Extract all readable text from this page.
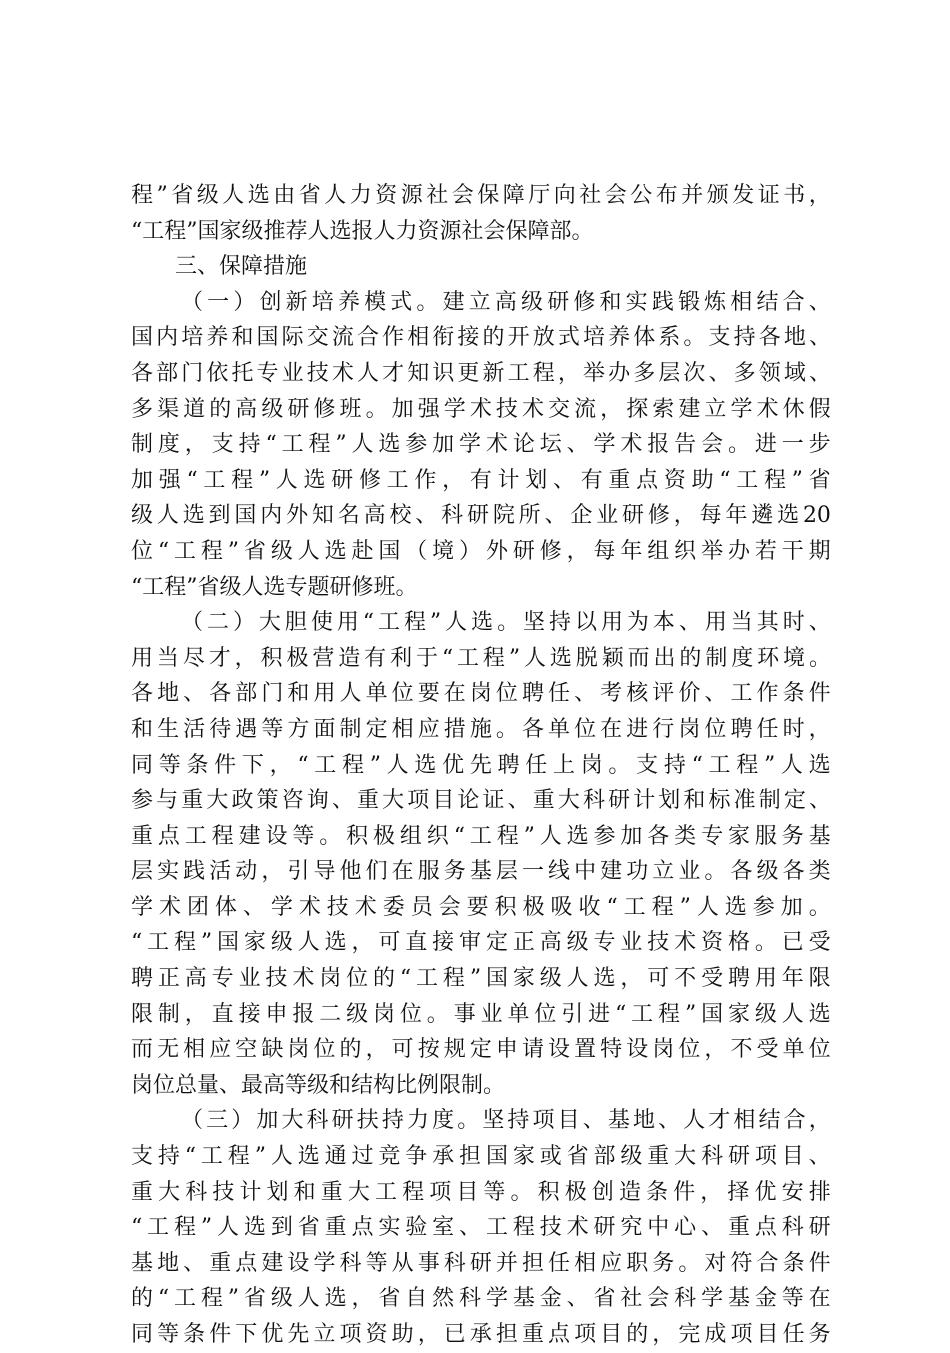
程 ” 省 级 人 选 由 省 人 力 资 源 社 会 保 障 厅 向 社 会 公 布 并 颁 发 证 书 ，
“工程”国家级推荐人选报人力资源社会保障部。
三、保障措施
（ 一 ） 创 新 培 养 模 式 。 建 立 高 级 研 修 和 实 践 锻 炼 相 结 合 、
国 内 培 养 和 国 际 交 流 合 作 相 衔 接 的 开 放 式 培 养 体 系 。 支 持 各 地 、
各 部 门 依 托 专 业 技 术 人 才 知 识 更 新 工 程 ， 举 办 多 层 次 、 多 领 域 、
多 渠 道 的 高 级 研 修 班 。 加 强 学 术 技 术 交 流 ， 探 索 建 立 学 术 休 假
制 度 ， 支 持 “ 工 程 ” 人 选 参 加 学 术 论 坛 、 学 术 报 告 会 。 进 一 步
加 强 “ 工 程 ” 人 选 研 修 工 作 ， 有 计 划 、 有 重 点 资 助 “ 工 程 ” 省
级 人 选 到 国 内 外 知 名 高 校 、 科 研 院 所 、 企 业 研 修 ， 每 年 遴 选 20
位 “ 工 程 ” 省 级 人 选 赴 国 （ 境 ） 外 研 修 ， 每 年 组 织 举 办 若 干 期
“工程”省级人选专题研修班。
（ 二 ） 大 胆 使 用 “ 工 程 ” 人 选 。 坚 持 以 用 为 本 、 用 当 其 时 、
用 当 尽 才 ， 积 极 营 造 有 利 于 “ 工 程 ” 人 选 脱 颖 而 出 的 制 度 环 境 。
各 地 、 各 部 门 和 用 人 单 位 要 在 岗 位 聘 任 、 考 核 评 价 、 工 作 条 件
和 生 活 待 遇 等 方 面 制 定 相 应 措 施 。 各 单 位 在 进 行 岗 位 聘 任 时 ，
同 等 条 件 下 ， “ 工 程 ” 人 选 优 先 聘 任 上 岗 。 支 持 “ 工 程 ” 人 选
参 与 重 大 政 策 咨 询 、 重 大 项 目 论 证 、 重 大 科 研 计 划 和 标 准 制 定 、
重 点 工 程 建 设 等 。 积 极 组 织 “ 工 程 ” 人 选 参 加 各 类 专 家 服 务 基
层 实 践 活 动 ， 引 导 他 们 在 服 务 基 层 一 线 中 建 功 立 业 。 各 级 各 类
学 术 团 体 、 学 术 技 术 委 员 会 要 积 极 吸 收 “ 工 程 ” 人 选 参 加 。
“ 工 程 ” 国 家 级 人 选 ， 可 直 接 审 定 正 高 级 专 业 技 术 资 格 。 已 受
聘 正 高 专 业 技 术 岗 位 的 “ 工 程 ” 国 家 级 人 选 ， 可 不 受 聘 用 年 限
限 制 ， 直 接 申 报 二 级 岗 位 。 事 业 单 位 引 进 “ 工 程 ” 国 家 级 人 选
而 无 相 应 空 缺 岗 位 的 ， 可 按 规 定 申 请 设 置 特 设 岗 位 ， 不 受 单 位
岗位总量、最高等级和结构比例限制。
（ 三 ） 加 大 科 研 扶 持 力 度 。 坚 持 项 目 、 基 地 、 人 才 相 结 合 ，
支 持 “ 工 程 ” 人 选 通 过 竞 争 承 担 国 家 或 省 部 级 重 大 科 研 项 目 、
重 大 科 技 计 划 和 重 大 工 程 项 目 等 。 积 极 创 造 条 件 ， 择 优 安 排
“ 工 程 ” 人 选 到 省 重 点 实 验 室 、 工 程 技 术 研 究 中 心 、 重 点 科 研
基 地 、 重 点 建 设 学 科 等 从 事 科 研 并 担 任 相 应 职 务 。 对 符 合 条 件
的 “ 工 程 ” 省 级 人 选 ， 省 自 然 科 学 基 金 、 省 社 会 科 学 基 金 等 在
同 等 条 件 下 优 先 立 项 资 助 ， 已 承 担 重 点 项 目 的 ， 完 成 项 目 任 务
